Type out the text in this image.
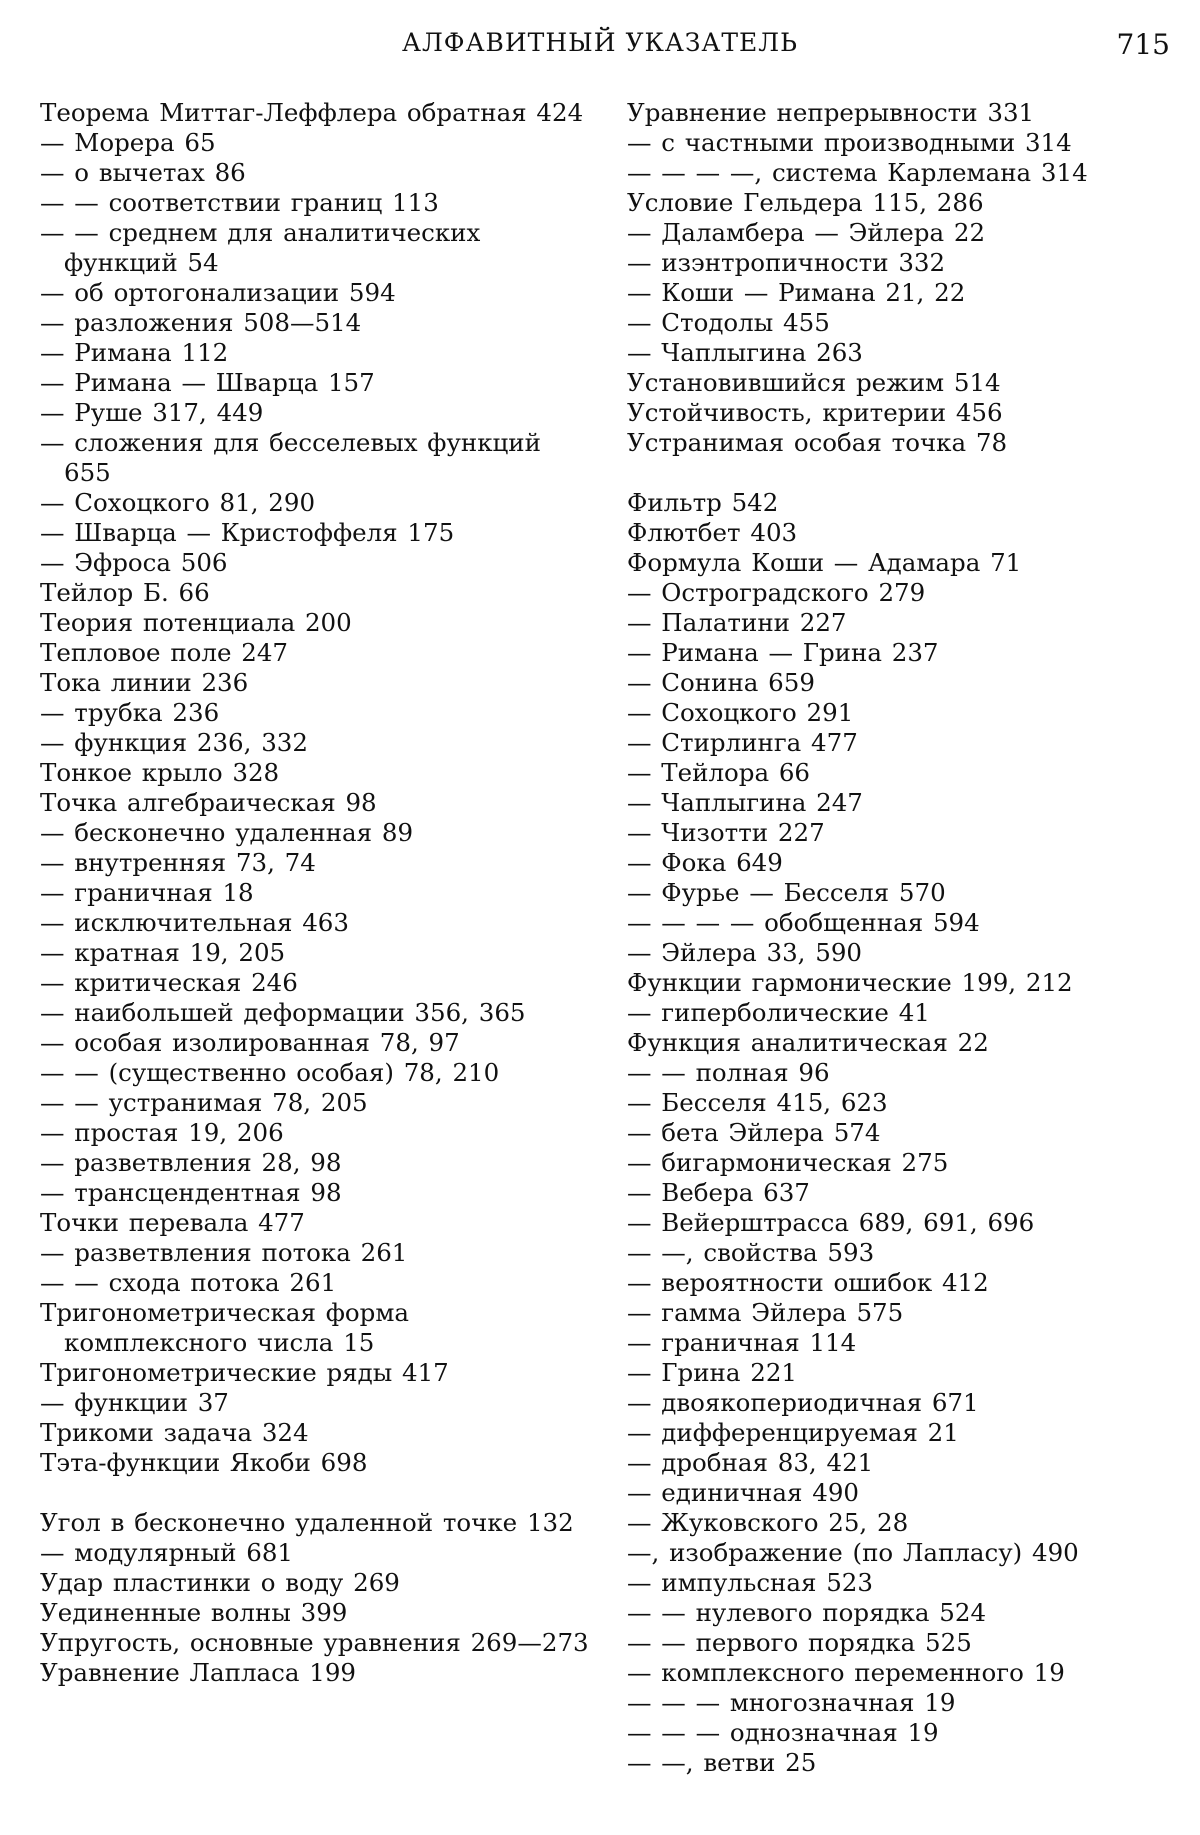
АЛФАВИТНЫЙ УКАЗАТЕЛЬ	715
Теорема Миттаг-Леффлера обратная 424
— Морера 65
— о вычетах 86
— — соответствии границ 113
— — среднем для аналитических функций 54
— об ортогонализации 594
— разложения 508—514
— Римана 112
— Римана — Шварца 157
— Руше 317, 449
— сложения для бесселевых функций 655
— Сохоцкого 81, 290
— Шварца — Кристоффеля 175
— Эфроса 506
Тейлор Б. 66
Теория потенциала 200
Тепловое поле 247
Тока линии 236
— трубка 236
— функция 236, 332
Тонкое крыло 328
Точка алгебраическая 98
— бесконечно удаленная 89
— внутренняя 73, 74
— граничная 18
— исключительная 463
— кратная 19, 205
— критическая 246
— наибольшей деформации 356, 365
— особая изолированная 78, 97
— — (существенно особая) 78, 210
— — устранимая 78, 205
— простая 19, 206
— разветвления 28, 98
— трансцендентная 98
Точки перевала 477
— разветвления потока 261
— — схода потока 261
Тригонометрическая форма комплексного числа 15
Тригонометрические ряды 417
— функции 37
Трикоми задача 324
Тэта-функции Якоби 698
Угол в бесконечно удаленной точке 132
— модулярный 681
Удар пластинки о воду 269
Уединенные волны 399
Упругость, основные уравнения 269—273
Уравнение Лапласа 199
Уравнение непрерывности 331
— с частными производными 314
— — — —, система Карлемана 314
Условие Гельдера 115, 286
— Даламбера — Эйлера 22
— изэнтропичности 332
— Коши — Римана 21, 22
— Стодолы 455
— Чаплыгина 263
Установившийся режим 514
Устойчивость, критерии 456
Устранимая особая точка 78
Фильтр 542
Флютбет 403
Формула Коши — Адамара 71
— Остроградского 279
— Палатини 227
— Римана — Грина 237
— Сонина 659
— Сохоцкого 291
— Стирлинга 477
— Тейлора 66
— Чаплыгина 247
— Чизотти 227
— Фока 649
— Фурье — Бесселя 570
— — — — обобщенная 594
— Эйлера 33, 590
Функции гармонические 199, 212
— гиперболические 41
Функция аналитическая 22
— — полная 96
— Бесселя 415, 623
— бета Эйлера 574
— бигармоническая 275
— Вебера 637
— Вейерштрасса 689, 691, 696
— —, свойства 593
— вероятности ошибок 412
— гамма Эйлера 575
— граничная 114
— Грина 221
— двоякопериодичная 671
— дифференцируемая 21
— дробная 83, 421
— единичная 490
— Жуковского 25, 28
—, изображение (по Лапласу) 490
— импульсная 523
— — нулевого порядка 524
— — первого порядка 525
— комплексного переменного 19
— — — многозначная 19
— — — однозначная 19
— —, ветви 25
